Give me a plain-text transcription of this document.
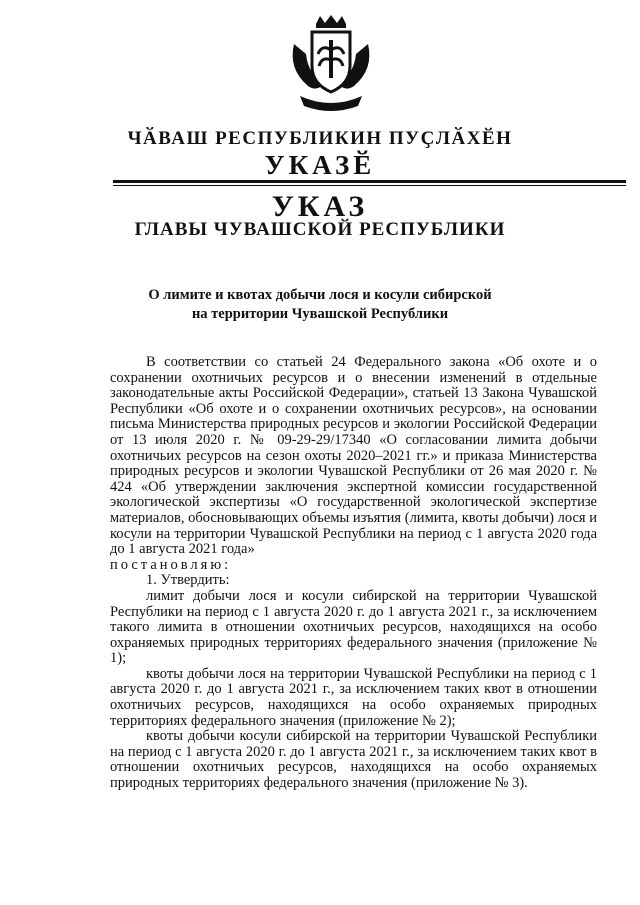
ЧӐВАШ РЕСПУБЛИКИН ПУҪЛӐХӖН
УКАЗӖ
УКАЗ
ГЛАВЫ ЧУВАШСКОЙ РЕСПУБЛИКИ
О лимите и квотах добычи лося и косули сибирской
на территории Чувашской Республики

В соответствии со статьей 24 Федерального закона «Об охоте и о сохранении охотничьих ресурсов и о внесении изменений в отдельные законодательные акты Российской Федерации», статьей 13 Закона Чувашской Республики «Об охоте и о сохранении охотничьих ресурсов», на основании письма Министерства природных ресурсов и экологии Российской Федерации от 13 июля 2020 г. № 09-29-29/17340 «О согласовании лимита добычи охотничьих ресурсов на сезон охоты 2020–2021 гг.» и приказа Министерства природных ресурсов и экологии Чувашской Республики от 26 мая 2020 г. № 424 «Об утверждении заключения экспертной комиссии государственной экологической экспертизы «О государственной экологической экспертизе материалов, обосновывающих объемы изъятия (лимита, квоты добычи) лося и косули на территории Чувашской Республики на период с 1 августа 2020 года до 1 августа 2021 года»

постановляю:

1. Утвердить:

лимит добычи лося и косули сибирской на территории Чувашской Республики на период с 1 августа 2020 г. до 1 августа 2021 г., за исключением такого лимита в отношении охотничьих ресурсов, находящихся на особо охраняемых природных территориях федерального значения (приложение № 1);

квоты добычи лося на территории Чувашской Республики на период с 1 августа 2020 г. до 1 августа 2021 г., за исключением таких квот в отношении охотничьих ресурсов, находящихся на особо охраняемых природных территориях федерального значения (приложение № 2);

квоты добычи косули сибирской на территории Чувашской Республики на период с 1 августа 2020 г. до 1 августа 2021 г., за исключением таких квот в отношении охотничьих ресурсов, находящихся на особо охраняемых природных территориях федерального значения (приложение № 3).
